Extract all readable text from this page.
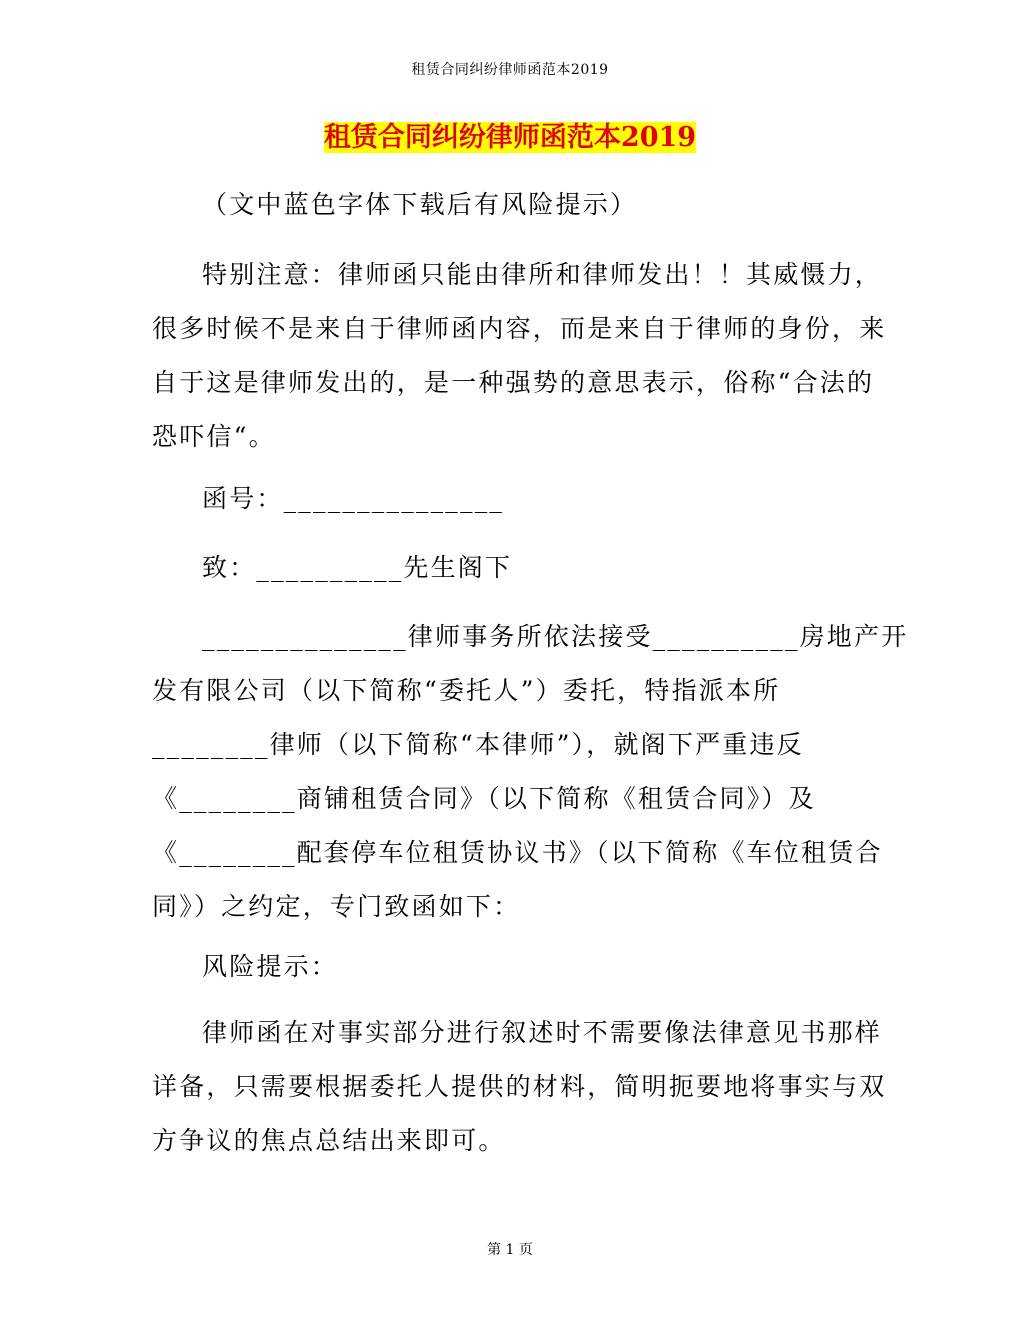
租赁合同纠纷律师函范本2019
租赁合同纠纷律师函范本2019

（文中蓝色字体下载后有风险提示）

特别注意：律师函只能由律所和律师发出！！其威慑力，
很多时候不是来自于律师函内容，而是来自于律师的身份，来
自于这是律师发出的，是一种强势的意思表示，俗称“合法的
恐吓信“。
函号：_______________
致：__________先生阁下
______________律师事务所依法接受__________房地产开
发有限公司（以下简称“委托人”）委托，特指派本所
________律师（以下简称“本律师”），就阁下严重违反
《________商铺租赁合同》（以下简称《租赁合同》）及
《________配套停车位租赁协议书》（以下简称《车位租赁合
同》）之约定，专门致函如下：
风险提示：
律师函在对事实部分进行叙述时不需要像法律意见书那样
详备，只需要根据委托人提供的材料，简明扼要地将事实与双
方争议的焦点总结出来即可。
第 1 页
